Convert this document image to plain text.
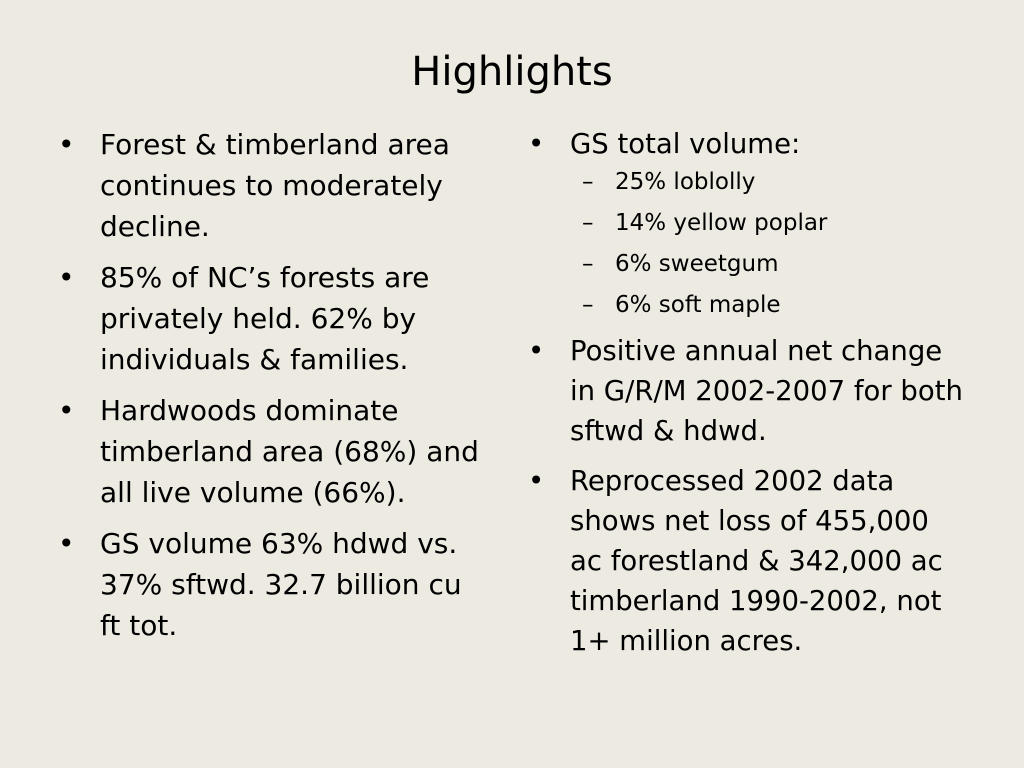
Highlights
• Forest & timberland area continues to moderately decline.
• 85% of NC’s forests are privately held. 62% by individuals & families.
• Hardwoods dominate timberland area (68%) and all live volume (66%).
• GS volume 63% hdwd vs. 37% sftwd. 32.7 billion cu ft tot.
• GS total volume:
– 25% loblolly
– 14% yellow poplar
– 6% sweetgum
– 6% soft maple
• Positive annual net change in G/R/M 2002-2007 for both sftwd & hdwd.
• Reprocessed 2002 data shows net loss of 455,000 ac forestland & 342,000 ac timberland 1990-2002, not 1+ million acres.
